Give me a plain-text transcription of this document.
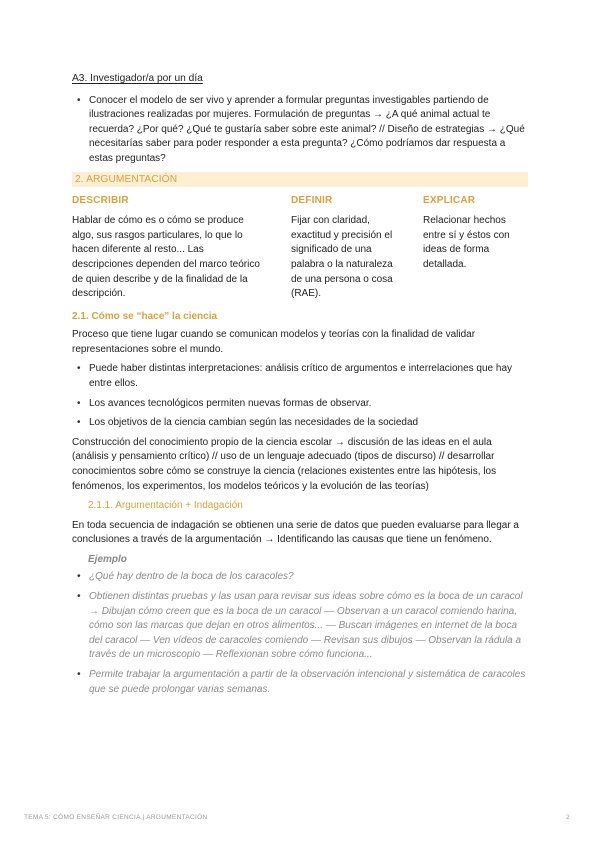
A3. Investigador/a por un día
• Conocer el modelo de ser vivo y aprender a formular preguntas investigables partiendo de ilustraciones realizadas por mujeres. Formulación de preguntas → ¿A qué animal actual te recuerda? ¿Por qué? ¿Qué te gustaría saber sobre este animal? // Diseño de estrategias → ¿Qué necesitarías saber para poder responder a esta pregunta? ¿Cómo podríamos dar respuesta a estas preguntas?
2. ARGUMENTACIÓN
DESCRIBIR

Hablar de cómo es o cómo se produce algo, sus rasgos particulares, lo que lo hacen diferente al resto... Las descripciones dependen del marco teórico de quien describe y de la finalidad de la descripción.

DEFINIR

Fijar con claridad, exactitud y precisión el significado de una palabra o la naturaleza de una persona o cosa (RAE).

EXPLICAR

Relacionar hechos entre sí y éstos con ideas de forma detallada.

2.1. Cómo se “hace” la ciencia

Proceso que tiene lugar cuando se comunican modelos y teorías con la finalidad de validar representaciones sobre el mundo.

• Puede haber distintas interpretaciones: análisis crítico de argumentos e interrelaciones que hay entre ellos.
• Los avances tecnológicos permiten nuevas formas de observar.
• Los objetivos de la ciencia cambian según las necesidades de la sociedad

Construcción del conocimiento propio de la ciencia escolar → discusión de las ideas en el aula (análisis y pensamiento crítico) // uso de un lenguaje adecuado (tipos de discurso) // desarrollar conocimientos sobre cómo se construye la ciencia (relaciones existentes entre las hipótesis, los fenómenos, los experimentos, los modelos teóricos y la evolución de las teorías)

2.1.1. Argumentación + Indagación

En toda secuencia de indagación se obtienen una serie de datos que pueden evaluarse para llegar a conclusiones a través de la argumentación → Identificando las causas que tiene un fenómeno.

Ejemplo
• ¿Qué hay dentro de la boca de los caracoles?
• Obtienen distintas pruebas y las usan para revisar sus ideas sobre cómo es la boca de un caracol → Dibujan cómo creen que es la boca de un caracol — Observan a un caracol comiendo harina, cómo son las marcas que dejan en otros alimentos... — Buscan imágenes en internet de la boca del caracol — Ven vídeos de caracoles comiendo — Revisan sus dibujos — Observan la rádula a través de un microscopio — Reflexionan sobre cómo funciona...
• Permite trabajar la argumentación a partir de la observación intencional y sistemática de caracoles que se puede prolongar varias semanas.
TEMA 5: CÓMO ENSEÑAR CIENCIA | ARGUMENTACIÓN	2
